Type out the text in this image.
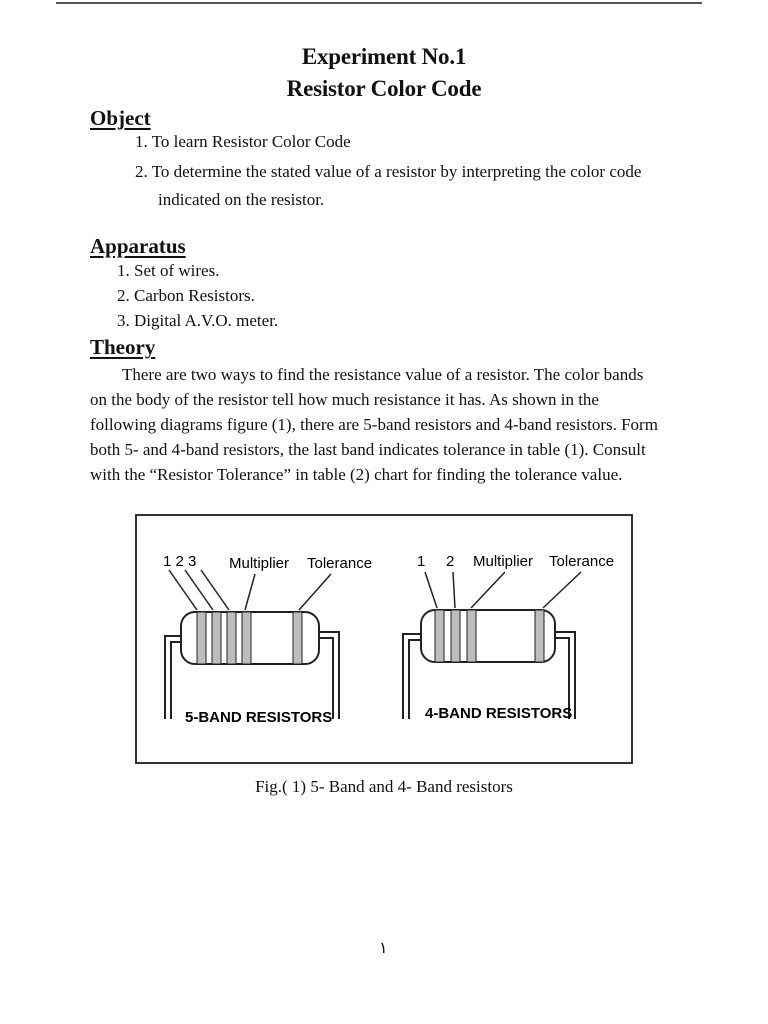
Experiment No.1
Resistor Color Code
Object
1. To learn Resistor Color Code
2. To determine the stated value of a resistor by interpreting the color code
indicated on the resistor.
Apparatus
1. Set of wires.
2. Carbon Resistors.
3. Digital A.V.O. meter.
Theory

There are two ways to find the resistance value of a resistor. The color bands

on the body of the resistor tell how much resistance it has. As shown in the

following diagrams figure (1), there are 5-band resistors and 4-band resistors. Form

both 5- and 4-band resistors, the last band indicates tolerance in table (1). Consult

with the “Resistor Tolerance” in table (2) chart for finding the tolerance value.

1 2 3 Multiplier Tolerance
5-BAND RESISTORS
1 2 Multiplier Tolerance
4-BAND RESISTORS
Fig.( 1) 5- Band and 4- Band resistors
١
